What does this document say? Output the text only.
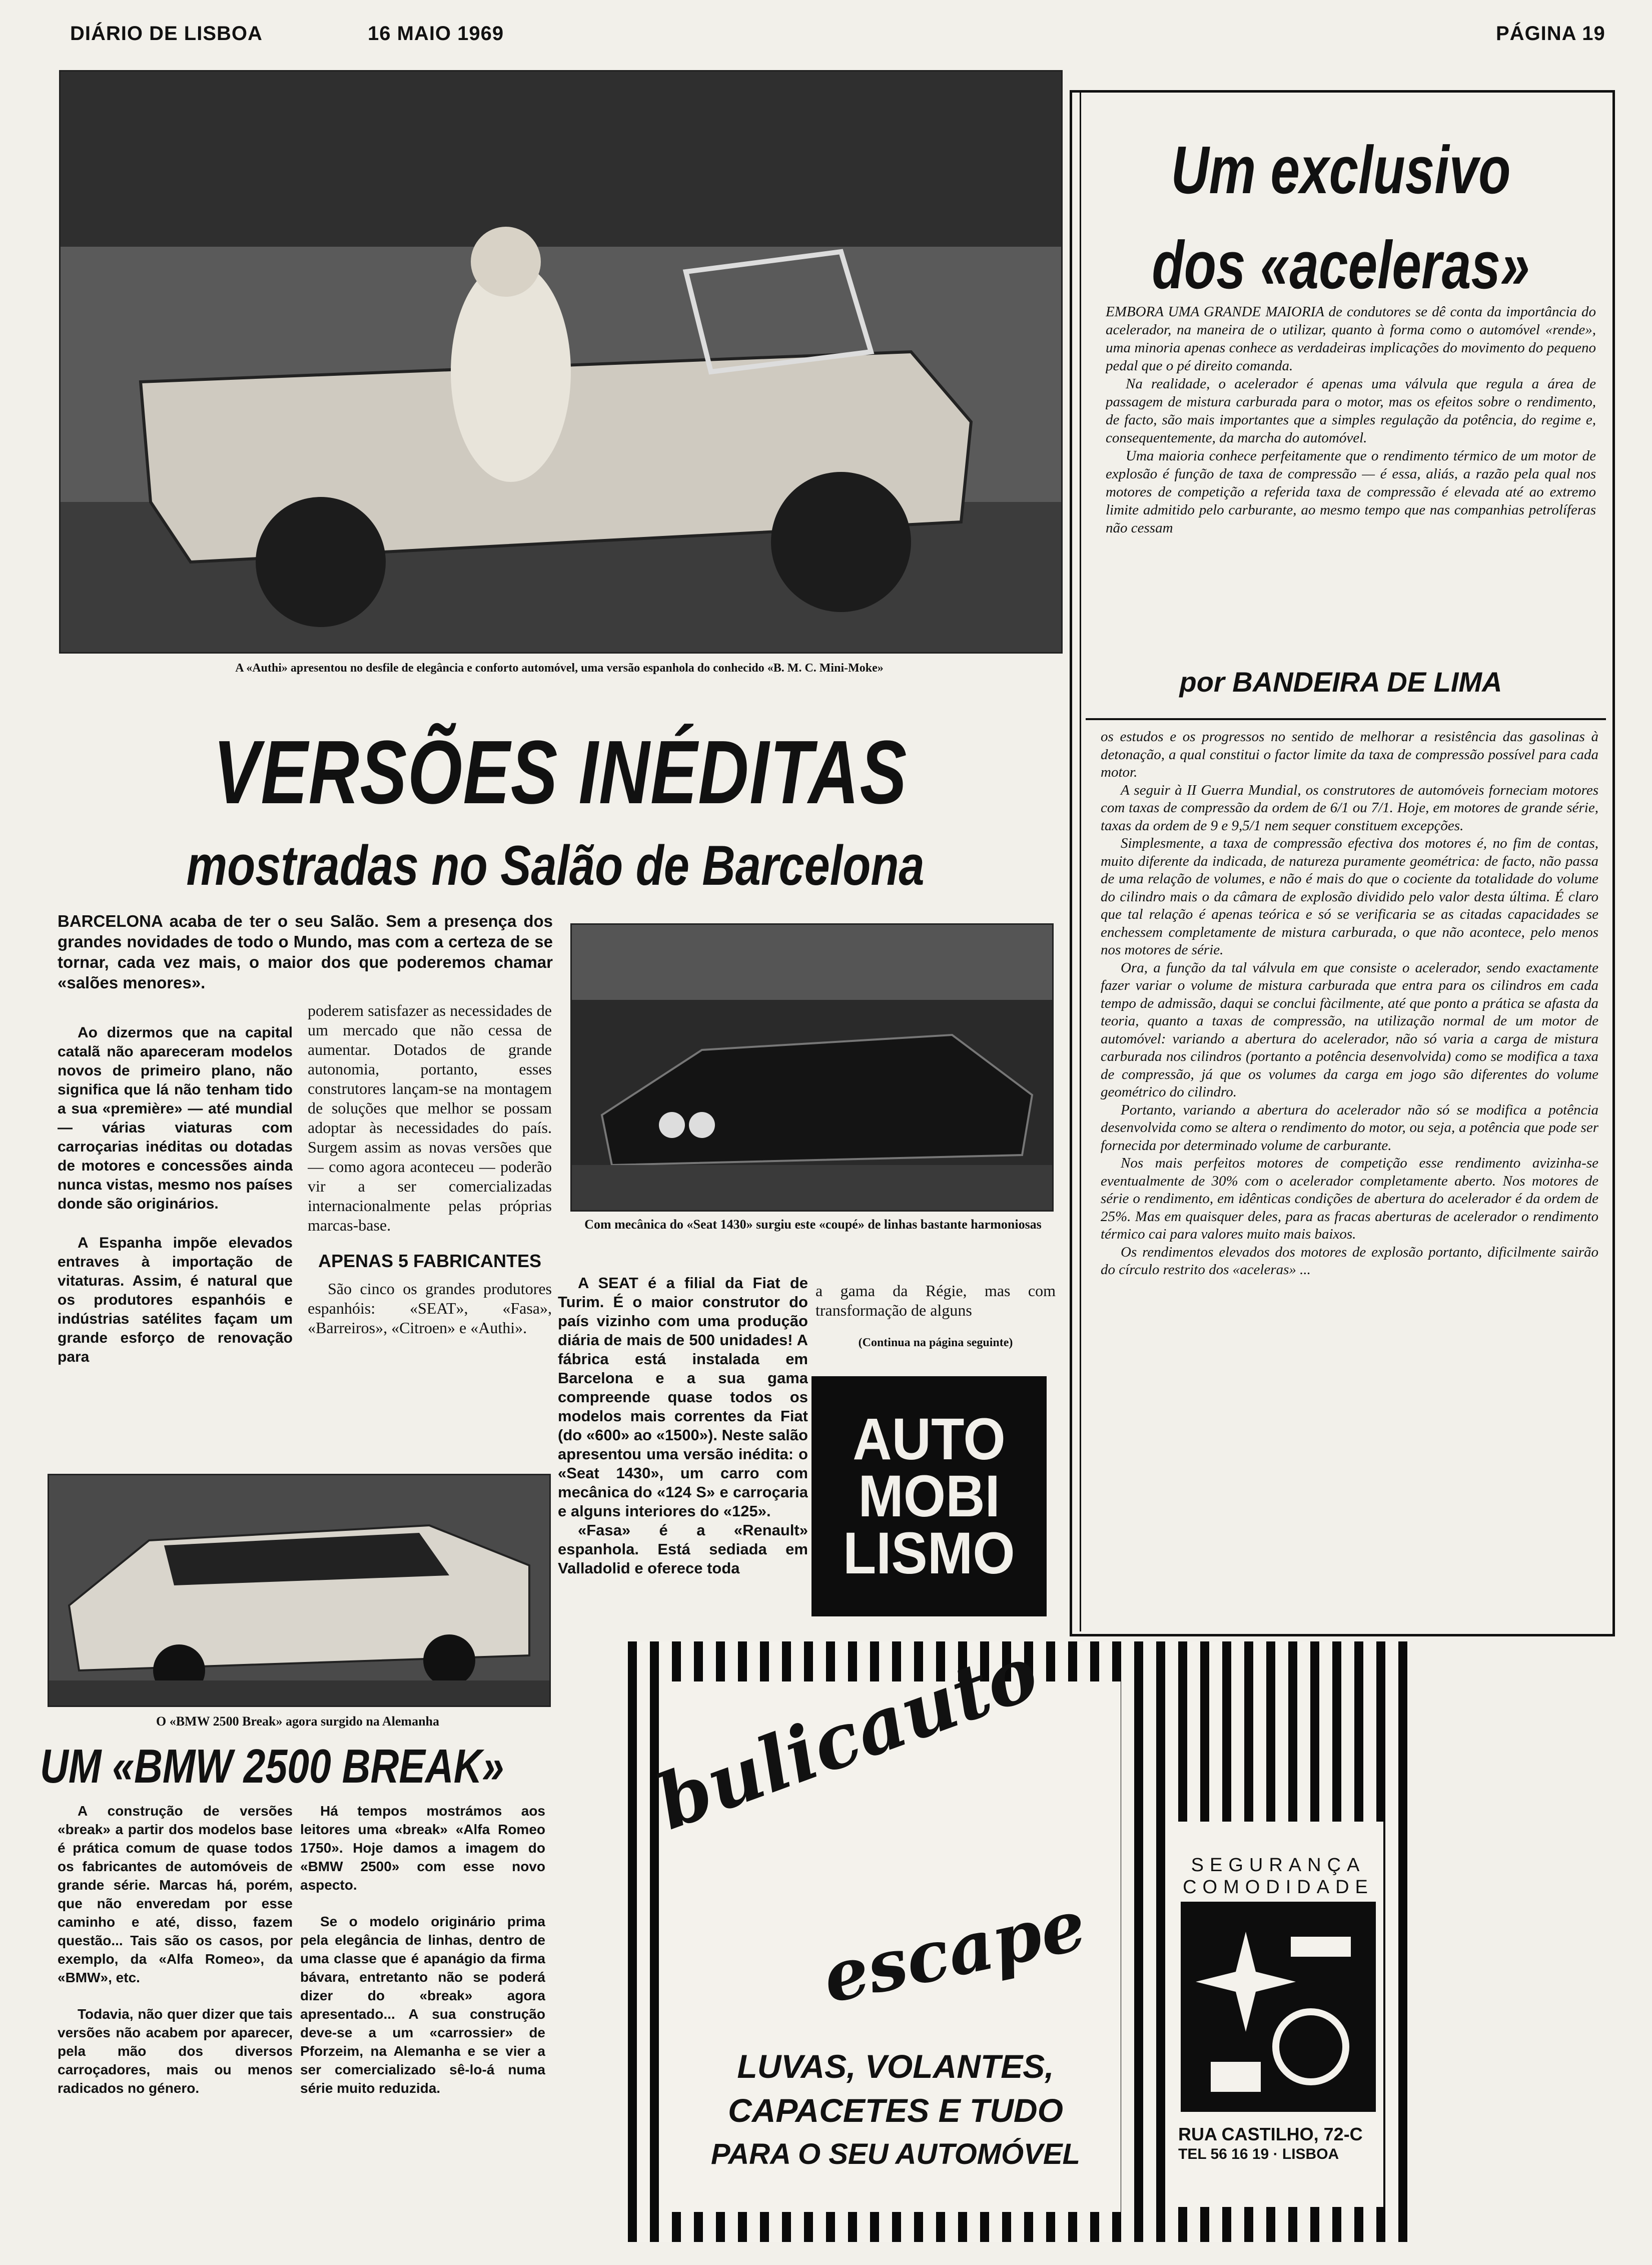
DIÁRIO DE LISBOA	16 MAIO 1969	PÁGINA 19
A «Authi» apresentou no desfile de elegância e conforto automóvel, uma versão espanhola do conhecido «B. M. C. Mini-Moke»
VERSÕES INÉDITAS
mostradas no Salão de Barcelona

BARCELONA acaba de ter o seu Salão. Sem a presença dos grandes novidades de todo o Mundo, mas com a certeza de se tornar, cada vez mais, o maior dos que poderemos chamar «salões menores».

Ao dizermos que na capital catalã não apareceram modelos novos de primeiro plano, não significa que lá não tenham tido a sua «première» — até mundial — várias viaturas com carroçarias inéditas ou dotadas de motores e concessões ainda nunca vistas, mesmo nos países donde são originários.

A Espanha impõe elevados entraves à importação de vitaturas. Assim, é natural que os produtores espanhóis e indústrias satélites façam um grande esforço de renovação para

poderem satisfazer as necessidades de um mercado que não cessa de aumentar. Dotados de grande autonomia, portanto, esses construtores lançam-se na montagem de soluções que melhor se possam adoptar às necessidades do país. Surgem assim as novas versões que — como agora aconteceu — poderão vir a ser comercializadas internacionalmente pelas próprias marcas-base.

APENAS 5 FABRICANTES

São cinco os grandes produtores espanhóis: «SEAT», «Fasa», «Barreiros», «Citroen» e «Authi».

Com mecânica do «Seat 1430» surgiu este «coupé» de linhas bastante harmoniosas

A SEAT é a filial da Fiat de Turim. É o maior construtor do país vizinho com uma produção diária de mais de 500 unidades! A fábrica está instalada em Barcelona e a sua gama compreende quase todos os modelos mais correntes da Fiat (do «600» ao «1500»). Neste salão apresentou uma versão inédita: o «Seat 1430», um carro com mecânica do «124 S» e carroçaria e alguns interiores do «125».

«Fasa» é a «Renault» espanhola. Está sediada em Valladolid e oferece toda

a gama da Régie, mas com transformação de alguns

(Continua na página seguinte)
AUTO
MOBI
LISMO
O «BMW 2500 Break» agora surgido na Alemanha
UM «BMW 2500 BREAK»

A construção de versões «break» a partir dos modelos base é prática comum de quase todos os fabricantes de automóveis de grande série. Marcas há, porém, que não enveredam por esse caminho e até, disso, fazem questão... Tais são os casos, por exemplo, da «Alfa Romeo», da «BMW», etc.

Todavia, não quer dizer que tais versões não acabem por aparecer, pela mão dos diversos carroçadores, mais ou menos radicados no género.

Há tempos mostrámos aos leitores uma «break» «Alfa Romeo 1750». Hoje damos a imagem do «BMW 2500» com esse novo aspecto.

Se o modelo originário prima pela elegância de linhas, dentro de uma classe que é apanágio da firma bávara, entretanto não se poderá dizer do «break» agora apresentado... A sua construção deve-se a um «carrossier» de Pforzeim, na Alemanha e se vier a ser comercializado sê-lo-á numa série muito reduzida.

Um exclusivo
dos «aceleras»

EMBORA UMA GRANDE MAIORIA de condutores se dê conta da importância do acelerador, na maneira de o utilizar, quanto à forma como o automóvel «rende», uma minoria apenas conhece as verdadeiras implicações do movimento do pequeno pedal que o pé direito comanda.

Na realidade, o acelerador é apenas uma válvula que regula a área de passagem de mistura carburada para o motor, mas os efeitos sobre o rendimento, de facto, são mais importantes que a simples regulação da potência, do regime e, consequentemente, da marcha do automóvel.

Uma maioria conhece perfeitamente que o rendimento térmico de um motor de explosão é função de taxa de compressão — é essa, aliás, a razão pela qual nos motores de competição a referida taxa de compressão é elevada até ao extremo limite admitido pelo carburante, ao mesmo tempo que nas companhias petrolíferas não cessam

por BANDEIRA DE LIMA

os estudos e os progressos no sentido de melhorar a resistência das gasolinas à detonação, a qual constitui o factor limite da taxa de compressão possível para cada motor.

A seguir à II Guerra Mundial, os construtores de automóveis forneciam motores com taxas de compressão da ordem de 6/1 ou 7/1. Hoje, em motores de grande série, taxas da ordem de 9 e 9,5/1 nem sequer constituem excepções.

Simplesmente, a taxa de compressão efectiva dos motores é, no fim de contas, muito diferente da indicada, de natureza puramente geométrica: de facto, não passa de uma relação de volumes, e não é mais do que o cociente da totalidade do volume do cilindro mais o da câmara de explosão dividido pelo valor desta última. É claro que tal relação é apenas teórica e só se verificaria se as citadas capacidades se enchessem completamente de mistura carburada, o que não acontece, pelo menos nos motores de série.

Ora, a função da tal válvula em que consiste o acelerador, sendo exactamente fazer variar o volume de mistura carburada que entra para os cilindros em cada tempo de admissão, daqui se conclui fàcilmente, até que ponto a prática se afasta da teoria, quanto a taxas de compressão, na utilização normal de um motor de automóvel: variando a abertura do acelerador, não só varia a carga de mistura carburada nos cilindros (portanto a potência desenvolvida) como se modifica a taxa de compressão, já que os volumes da carga em jogo são diferentes do volume geométrico do cilindro.

Portanto, variando a abertura do acelerador não só se modifica a potência desenvolvida como se altera o rendimento do motor, ou seja, a potência que pode ser fornecida por determinado volume de carburante.

Nos mais perfeitos motores de competição esse rendimento avizinha-se eventualmente de 30% com o acelerador completamente aberto. Nos motores de série o rendimento, em idênticas condições de abertura do acelerador é da ordem de 25%. Mas em quaisquer deles, para as fracas aberturas de acelerador o rendimento térmico cai para valores muito mais baixos.

Os rendimentos elevados dos motores de explosão portanto, dificilmente sairão do círculo restrito dos «aceleras» ...

bulicauto
escape
LUVAS, VOLANTES,
CAPACETES E TUDO
PARA O SEU AUTOMÓVEL
SEGURANÇA
COMODIDADE
RUA CASTILHO, 72-C
TEL 56 16 19 · LISBOA
